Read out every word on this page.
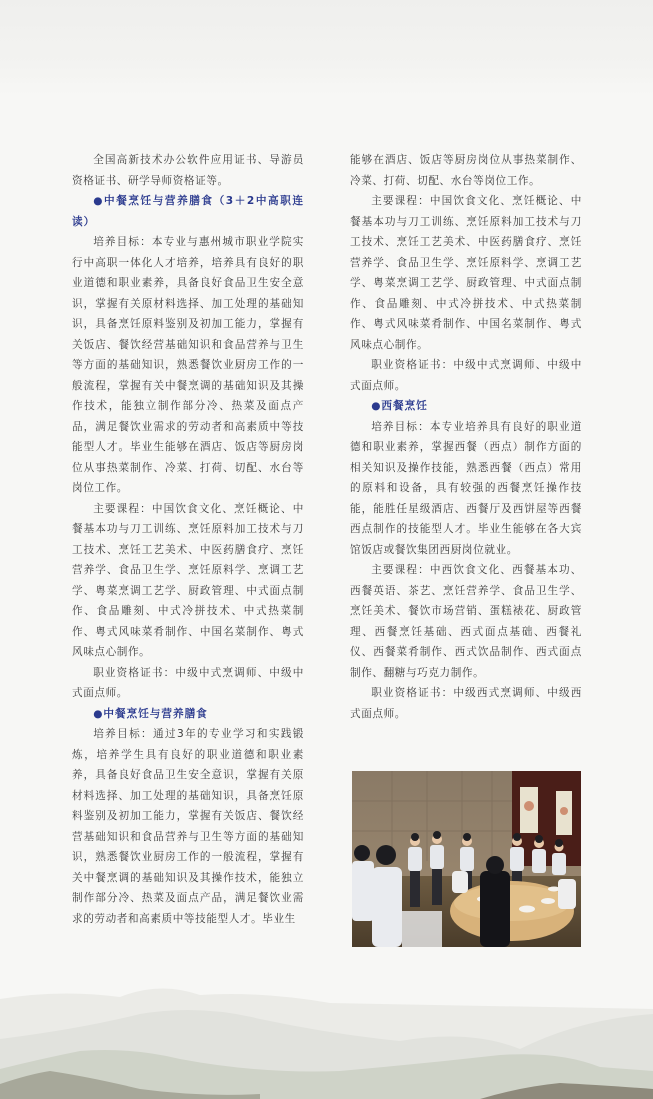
全国高新技术办公软件应用证书、导游员资格证书、研学导师资格证等。

●中餐烹饪与营养膳食（3＋2中高职连读）

培养目标：本专业与惠州城市职业学院实行中高职一体化人才培养，培养具有良好的职业道德和职业素养，具备良好食品卫生安全意识，掌握有关原材料选择、加工处理的基础知识，具备烹饪原料鉴别及初加工能力，掌握有关饭店、餐饮经营基础知识和食品营养与卫生等方面的基础知识，熟悉餐饮业厨房工作的一般流程，掌握有关中餐烹调的基础知识及其操作技术，能独立制作部分冷、热菜及面点产品，满足餐饮业需求的劳动者和高素质中等技能型人才。毕业生能够在酒店、饭店等厨房岗位从事热菜制作、冷菜、打荷、切配、水台等岗位工作。

主要课程：中国饮食文化、烹饪概论、中餐基本功与刀工训练、烹饪原料加工技术与刀工技术、烹饪工艺美术、中医药膳食疗、烹饪营养学、食品卫生学、烹饪原料学、烹调工艺学、粤菜烹调工艺学、厨政管理、中式面点制作、食品雕刻、中式冷拼技术、中式热菜制作、粤式风味菜肴制作、中国名菜制作、粤式风味点心制作。

职业资格证书：中级中式烹调师、中级中式面点师。

●中餐烹饪与营养膳食

培养目标：通过3年的专业学习和实践锻炼，培养学生具有良好的职业道德和职业素养，具备良好食品卫生安全意识，掌握有关原材料选择、加工处理的基础知识，具备烹饪原料鉴别及初加工能力，掌握有关饭店、餐饮经营基础知识和食品营养与卫生等方面的基础知识，熟悉餐饮业厨房工作的一般流程，掌握有关中餐烹调的基础知识及其操作技术，能独立制作部分冷、热菜及面点产品，满足餐饮业需求的劳动者和高素质中等技能型人才。毕业生

能够在酒店、饭店等厨房岗位从事热菜制作、冷菜、打荷、切配、水台等岗位工作。

主要课程：中国饮食文化、烹饪概论、中餐基本功与刀工训练、烹饪原料加工技术与刀工技术、烹饪工艺美术、中医药膳食疗、烹饪营养学、食品卫生学、烹饪原料学、烹调工艺学、粤菜烹调工艺学、厨政管理、中式面点制作、食品雕刻、中式冷拼技术、中式热菜制作、粤式风味菜肴制作、中国名菜制作、粤式风味点心制作。

职业资格证书：中级中式烹调师、中级中式面点师。

●西餐烹饪

培养目标：本专业培养具有良好的职业道德和职业素养，掌握西餐（西点）制作方面的相关知识及操作技能，熟悉西餐（西点）常用的原料和设备，具有较强的西餐烹饪操作技能，能胜任星级酒店、西餐厅及西饼屋等西餐西点制作的技能型人才。毕业生能够在各大宾馆饭店或餐饮集团西厨岗位就业。

主要课程：中西饮食文化、西餐基本功、西餐英语、茶艺、烹饪营养学、食品卫生学、烹饪美术、餐饮市场营销、蛋糕裱花、厨政管理、西餐烹饪基础、西式面点基础、西餐礼仪、西餐菜肴制作、西式饮品制作、西式面点制作、翻糖与巧克力制作。

职业资格证书：中级西式烹调师、中级西式面点师。
